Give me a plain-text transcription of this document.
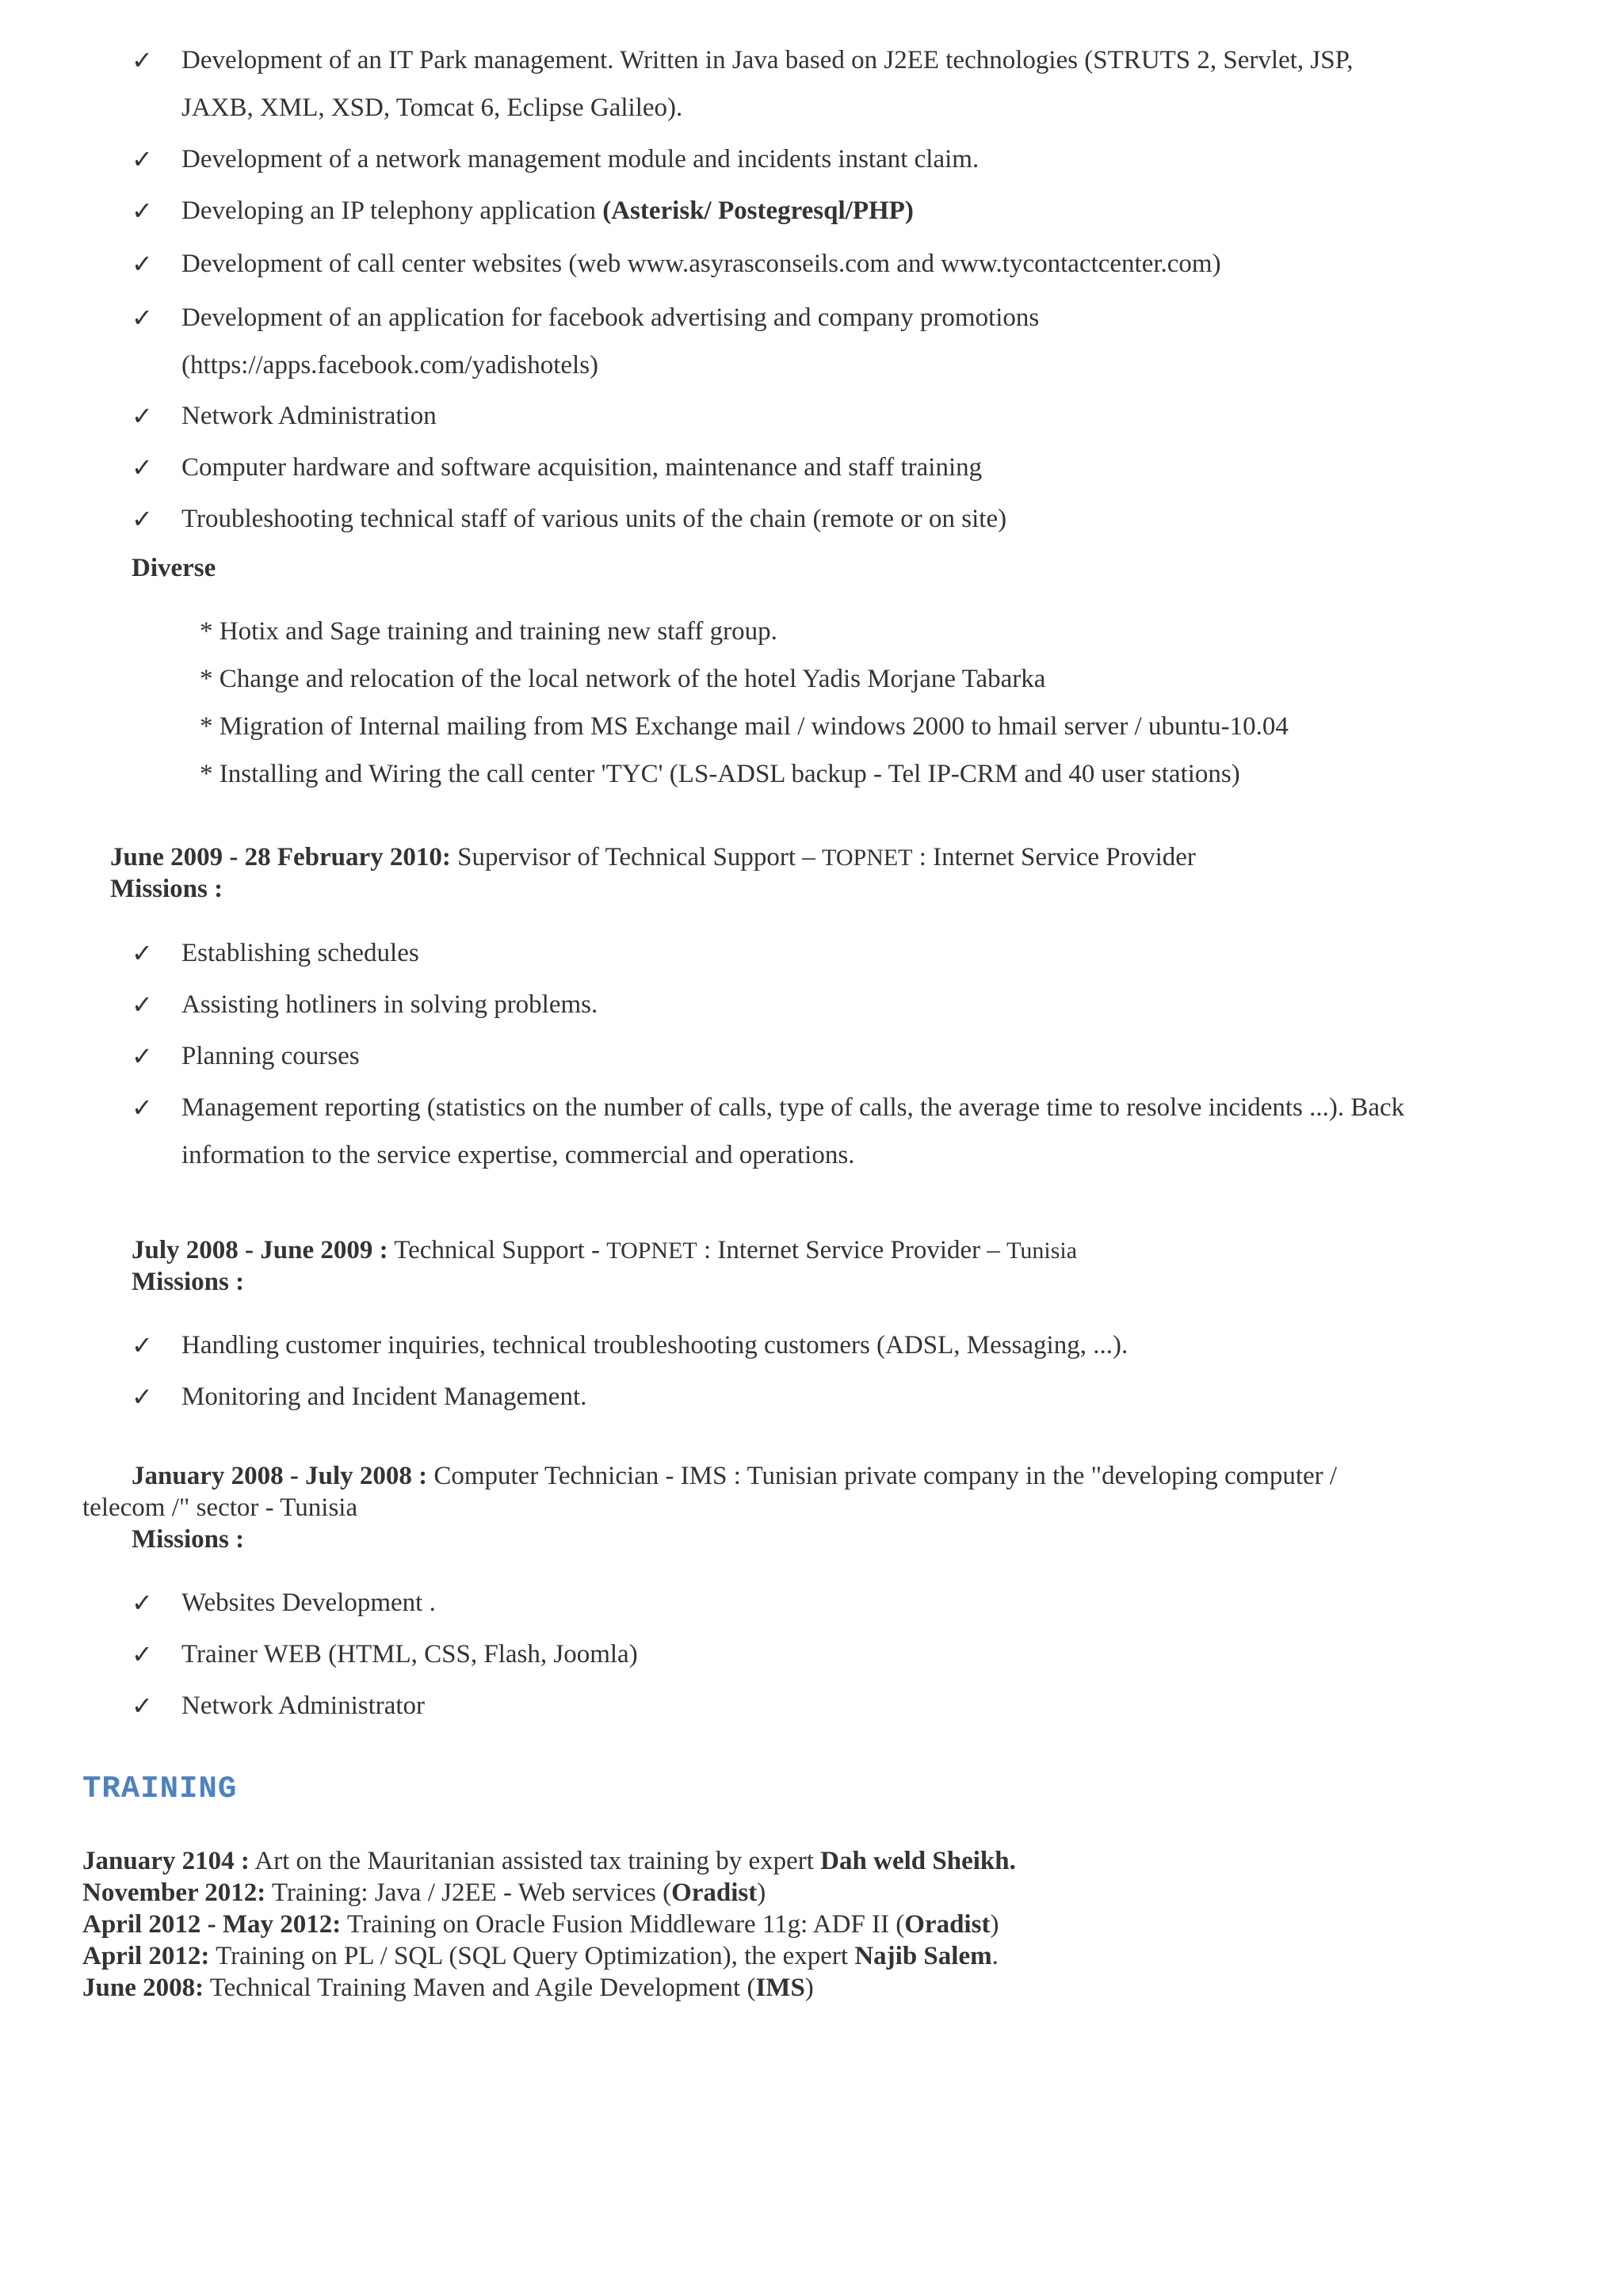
✓ Development of an IT Park management. Written in Java based on J2EE technologies (STRUTS 2, Servlet, JSP,
JAXB, XML, XSD, Tomcat 6, Eclipse Galileo).
✓ Development of a network management module and incidents instant claim.
✓ Developing an IP telephony application (Asterisk/ Postegresql/PHP)
✓ Development of call center websites (web www.asyrasconseils.com and www.tycontactcenter.com)
✓ Development of an application for facebook advertising and company promotions
(https://apps.facebook.com/yadishotels)
✓ Network Administration
✓ Computer hardware and software acquisition, maintenance and staff training
✓ Troubleshooting technical staff of various units of the chain (remote or on site)
Diverse
* Hotix and Sage training and training new staff group.
* Change and relocation of the local network of the hotel Yadis Morjane Tabarka
* Migration of Internal mailing from MS Exchange mail / windows 2000 to hmail server / ubuntu-10.04
* Installing and Wiring the call center 'TYC' (LS-ADSL backup - Tel IP-CRM and 40 user stations)
June 2009 - 28 February 2010: Supervisor of Technical Support – TOPNET : Internet Service Provider
Missions :
✓ Establishing schedules
✓ Assisting hotliners in solving problems.
✓ Planning courses
✓ Management reporting (statistics on the number of calls, type of calls, the average time to resolve incidents ...). Back
information to the service expertise, commercial and operations.
July 2008 - June 2009 : Technical Support - TOPNET : Internet Service Provider – Tunisia
Missions :
✓ Handling customer inquiries, technical troubleshooting customers (ADSL, Messaging, ...).
✓ Monitoring and Incident Management.
January 2008 - July 2008 : Computer Technician - IMS : Tunisian private company in the "developing computer /
telecom /" sector - Tunisia
Missions :
✓ Websites Development .
✓ Trainer WEB (HTML, CSS, Flash, Joomla)
✓ Network Administrator
TRAINING
January 2104 : Art on the Mauritanian assisted tax training by expert Dah weld Sheikh.
November 2012: Training: Java / J2EE - Web services (Oradist)
April 2012 - May 2012: Training on Oracle Fusion Middleware 11g: ADF II (Oradist)
April 2012: Training on PL / SQL (SQL Query Optimization), the expert Najib Salem.
June 2008: Technical Training Maven and Agile Development (IMS)
